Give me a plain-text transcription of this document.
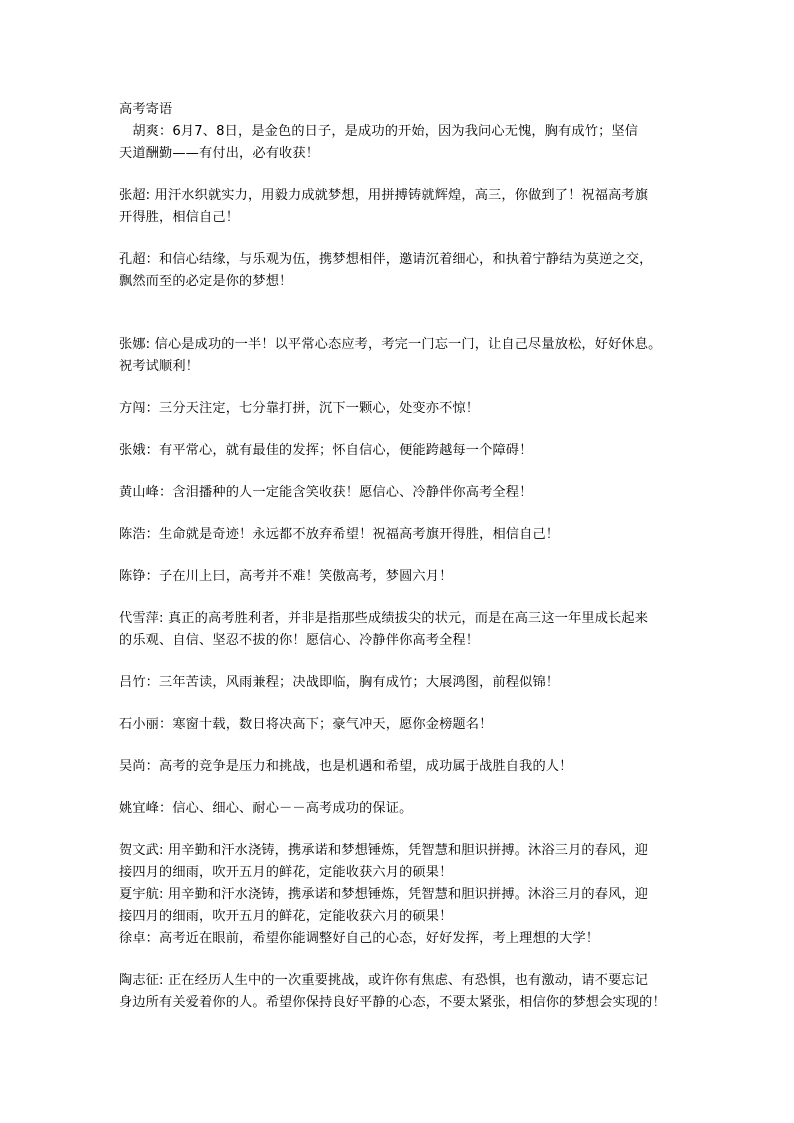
高考寄语
　胡爽：6月7、8日，是金色的日子，是成功的开始，因为我问心无愧，胸有成竹；坚信
天道酬勤——有付出，必有收获！
张超: 用汗水织就实力，用毅力成就梦想，用拼搏铸就辉煌，高三，你做到了！祝福高考旗
开得胜，相信自己！
孔超：和信心结缘，与乐观为伍，携梦想相伴，邀请沉着细心，和执着宁静结为莫逆之交，
飘然而至的必定是你的梦想！
张娜: 信心是成功的一半！以平常心态应考，考完一门忘一门，让自己尽量放松，好好休息。
祝考试顺利！
方闯：三分天注定，七分靠打拼，沉下一颗心，处变亦不惊！
张娥：有平常心，就有最佳的发挥；怀自信心，便能跨越每一个障碍！
黄山峰：含泪播种的人一定能含笑收获！愿信心、冷静伴你高考全程！
陈浩：生命就是奇迹！永远都不放弃希望！祝福高考旗开得胜，相信自己！
陈铮：子在川上曰，高考并不难！笑傲高考，梦圆六月！
代雪萍: 真正的高考胜利者，并非是指那些成绩拔尖的状元，而是在高三这一年里成长起来
的乐观、自信、坚忍不拔的你！愿信心、冷静伴你高考全程！
吕竹：三年苦读，风雨兼程；决战即临，胸有成竹；大展鸿图，前程似锦！
石小丽：寒窗十载，数日将决高下；豪气冲天，愿你金榜题名！
吴尚：高考的竞争是压力和挑战，也是机遇和希望，成功属于战胜自我的人！
姚宜峰：信心、细心、耐心－－高考成功的保证。
贺文武: 用辛勤和汗水浇铸，携承诺和梦想锤炼，凭智慧和胆识拼搏。沐浴三月的春风，迎
接四月的细雨，吹开五月的鲜花，定能收获六月的硕果！
夏宇航: 用辛勤和汗水浇铸，携承诺和梦想锤炼，凭智慧和胆识拼搏。沐浴三月的春风，迎
接四月的细雨，吹开五月的鲜花，定能收获六月的硕果！
徐卓：高考近在眼前，希望你能调整好自己的心态，好好发挥，考上理想的大学！
陶志征: 正在经历人生中的一次重要挑战，或许你有焦虑、有恐惧，也有激动，请不要忘记
身边所有关爱着你的人。希望你保持良好平静的心态，不要太紧张，相信你的梦想会实现的！
